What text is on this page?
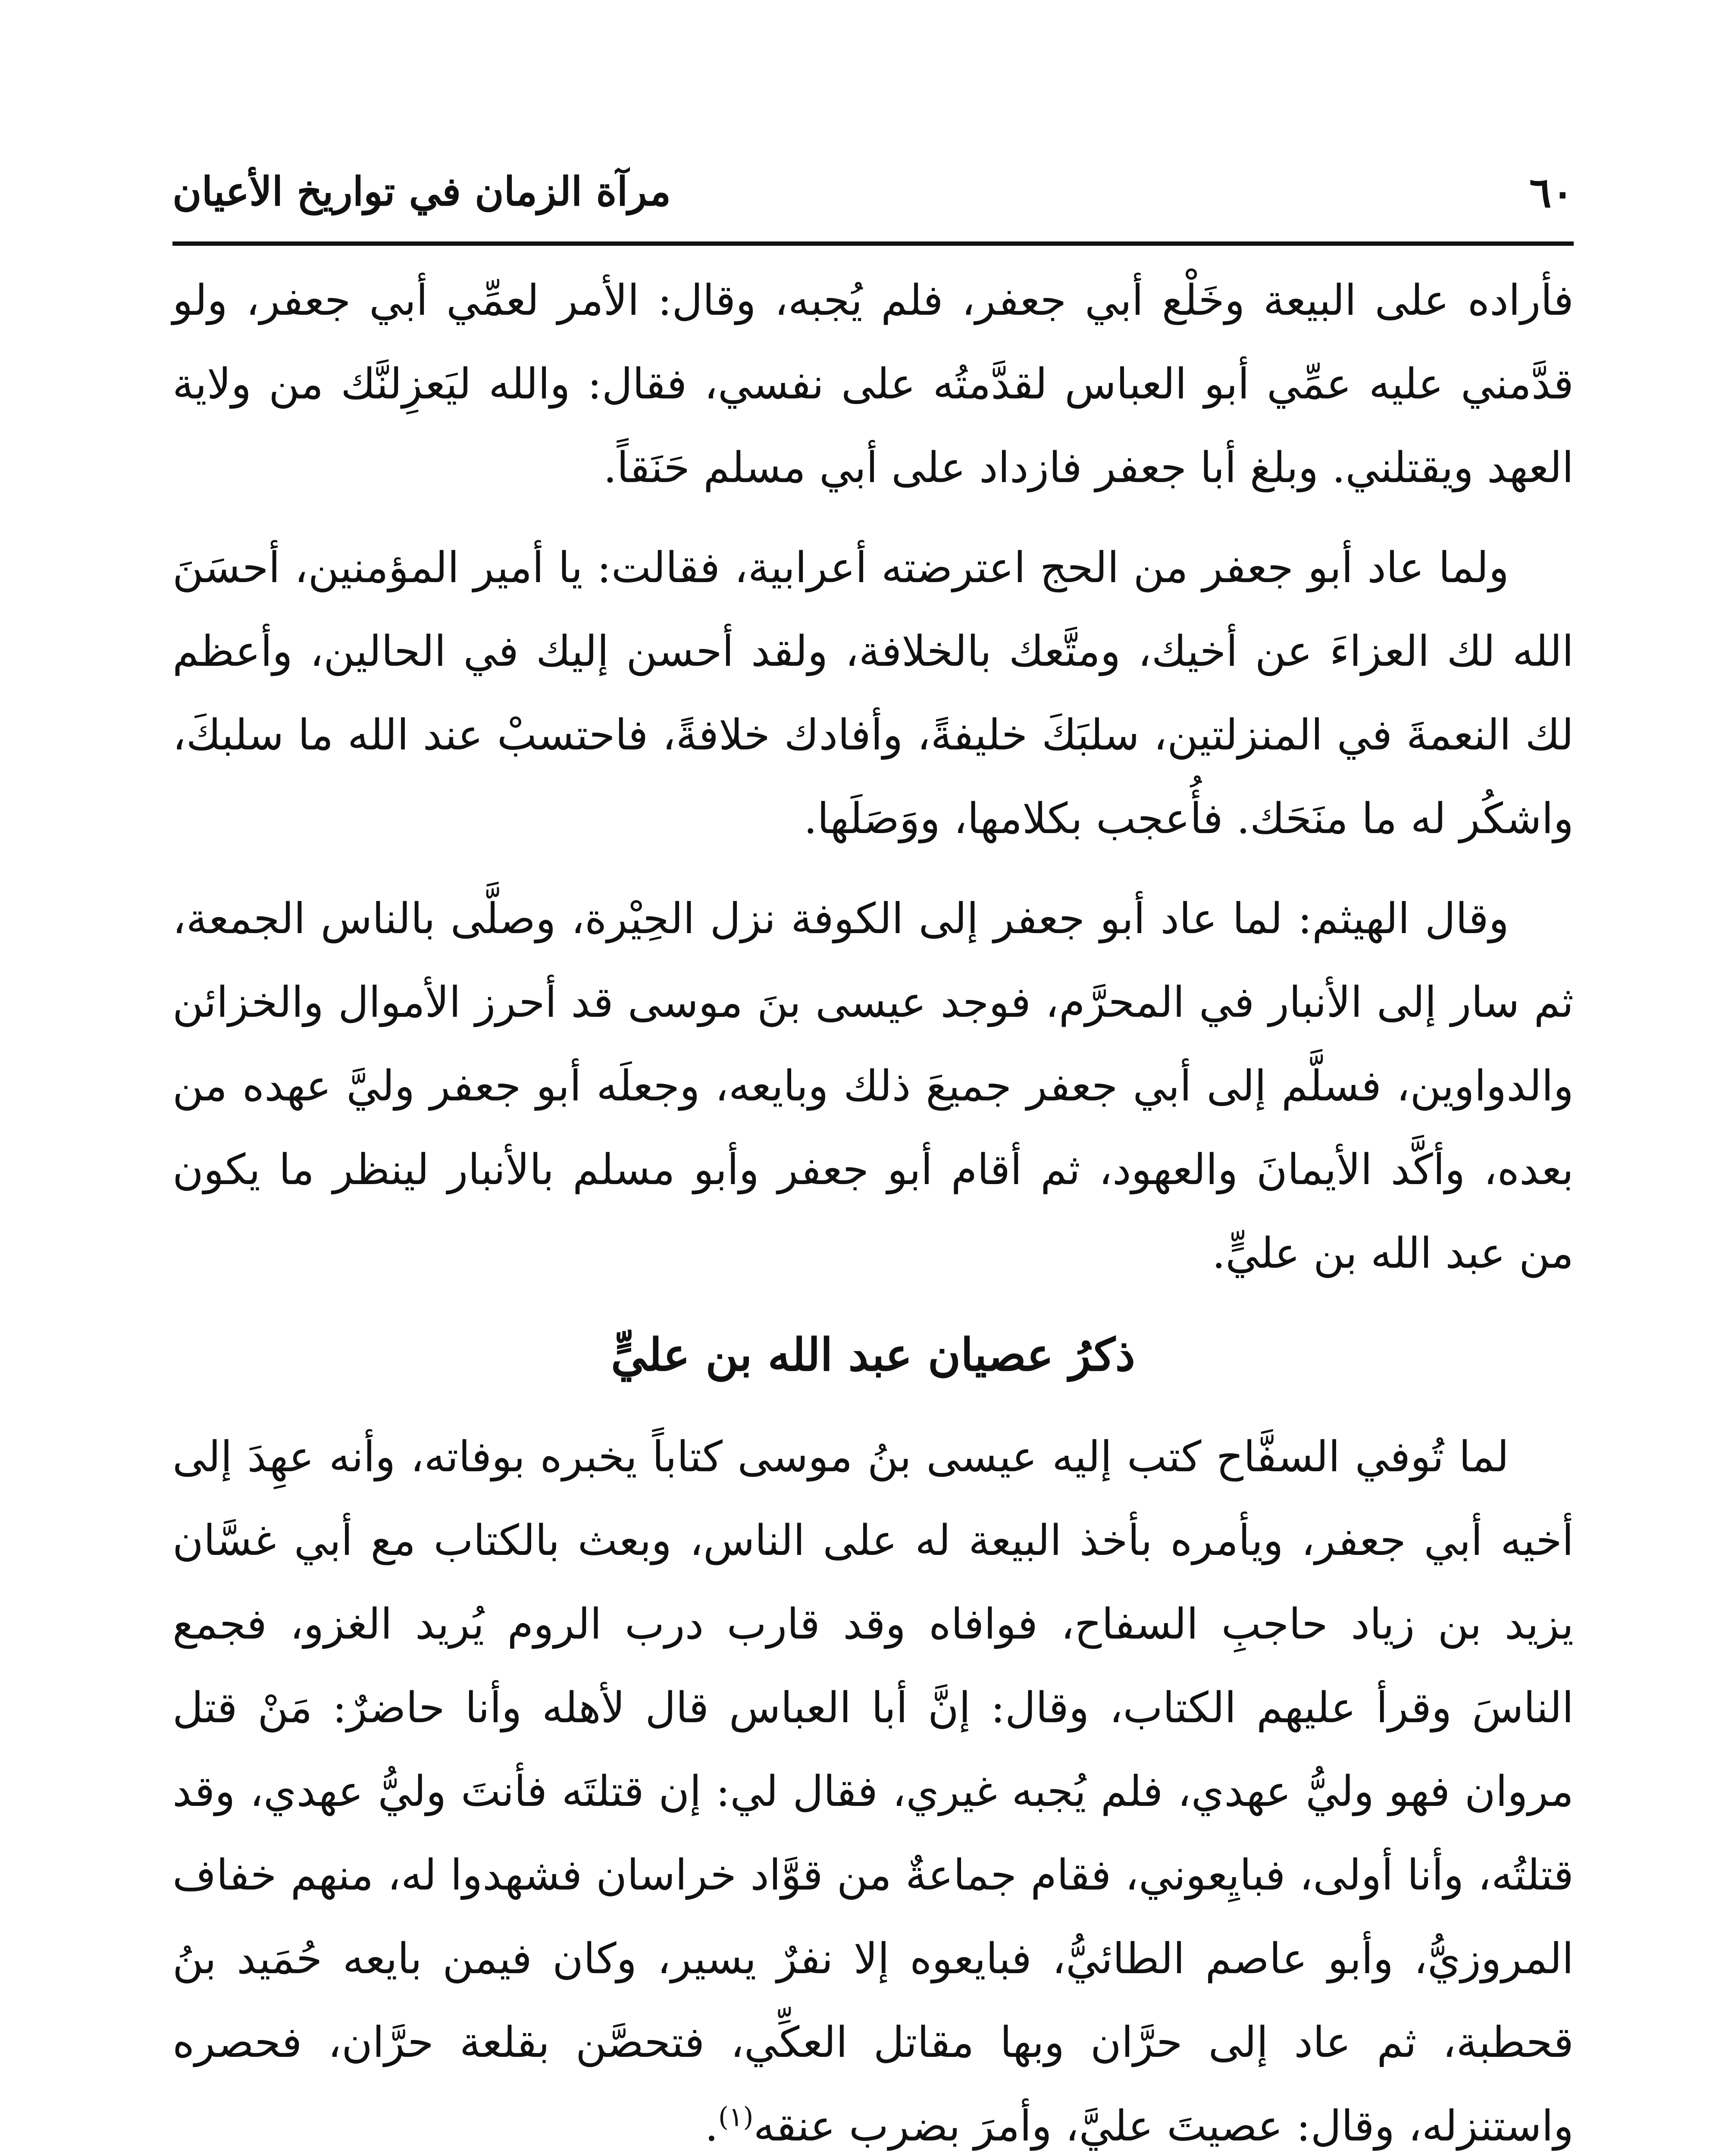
٦٠
مرآة الزمان في تواريخ الأعيان

فأراده على البيعة وخَلْع أبي جعفر، فلم يُجبه، وقال: الأمر لعمِّي أبي جعفر، ولو قدَّمني عليه عمِّي أبو العباس لقدَّمتُه على نفسي، فقال: والله ليَعزِلنَّك من ولاية العهد ويقتلني. وبلغ أبا جعفر فازداد على أبي مسلم حَنَقاً.

ولما عاد أبو جعفر من الحج اعترضته أعرابية، فقالت: يا أمير المؤمنين، أحسَنَ الله لك العزاءَ عن أخيك، ومتَّعك بالخلافة، ولقد أحسن إليك في الحالين، وأعظم لك النعمةَ في المنزلتين، سلبَكَ خليفةً، وأفادك خلافةً، فاحتسبْ عند الله ما سلبكَ، واشكُر له ما منَحَك. فأُعجب بكلامها، ووَصَلَها.

وقال الهيثم: لما عاد أبو جعفر إلى الكوفة نزل الحِيْرة، وصلَّى بالناس الجمعة، ثم سار إلى الأنبار في المحرَّم، فوجد عيسى بنَ موسى قد أحرز الأموال والخزائن والدواوين، فسلَّم إلى أبي جعفر جميعَ ذلك وبايعه، وجعلَه أبو جعفر وليَّ عهده من بعده، وأكَّد الأيمانَ والعهود، ثم أقام أبو جعفر وأبو مسلم بالأنبار لينظر ما يكون من عبد الله بن عليٍّ.

ذكرُ عصيان عبد الله بن عليٍّ

لما تُوفي السفَّاح كتب إليه عيسى بنُ موسى كتاباً يخبره بوفاته، وأنه عهِدَ إلى أخيه أبي جعفر، ويأمره بأخذ البيعة له على الناس، وبعث بالكتاب مع أبي غسَّان يزيد بن زياد حاجبِ السفاح، فوافاه وقد قارب درب الروم يُريد الغزو، فجمع الناسَ وقرأ عليهم الكتاب، وقال: إنَّ أبا العباس قال لأهله وأنا حاضرٌ: مَنْ قتل مروان فهو وليُّ عهدي، فلم يُجبه غيري، فقال لي: إن قتلتَه فأنتَ وليُّ عهدي، وقد قتلتُه، وأنا أولى، فبايِعوني، فقام جماعةٌ من قوَّاد خراسان فشهدوا له، منهم خفاف المروزيُّ، وأبو عاصم الطائيُّ، فبايعوه إلا نفرٌ يسير، وكان فيمن بايعه حُمَيد بنُ قحطبة، ثم عاد إلى حرَّان وبها مقاتل العكِّي، فتحصَّن بقلعة حرَّان، فحصره واستنزله، وقال: عصيتَ عليَّ، وأمرَ بضرب عنقه$^{(١)}$.
